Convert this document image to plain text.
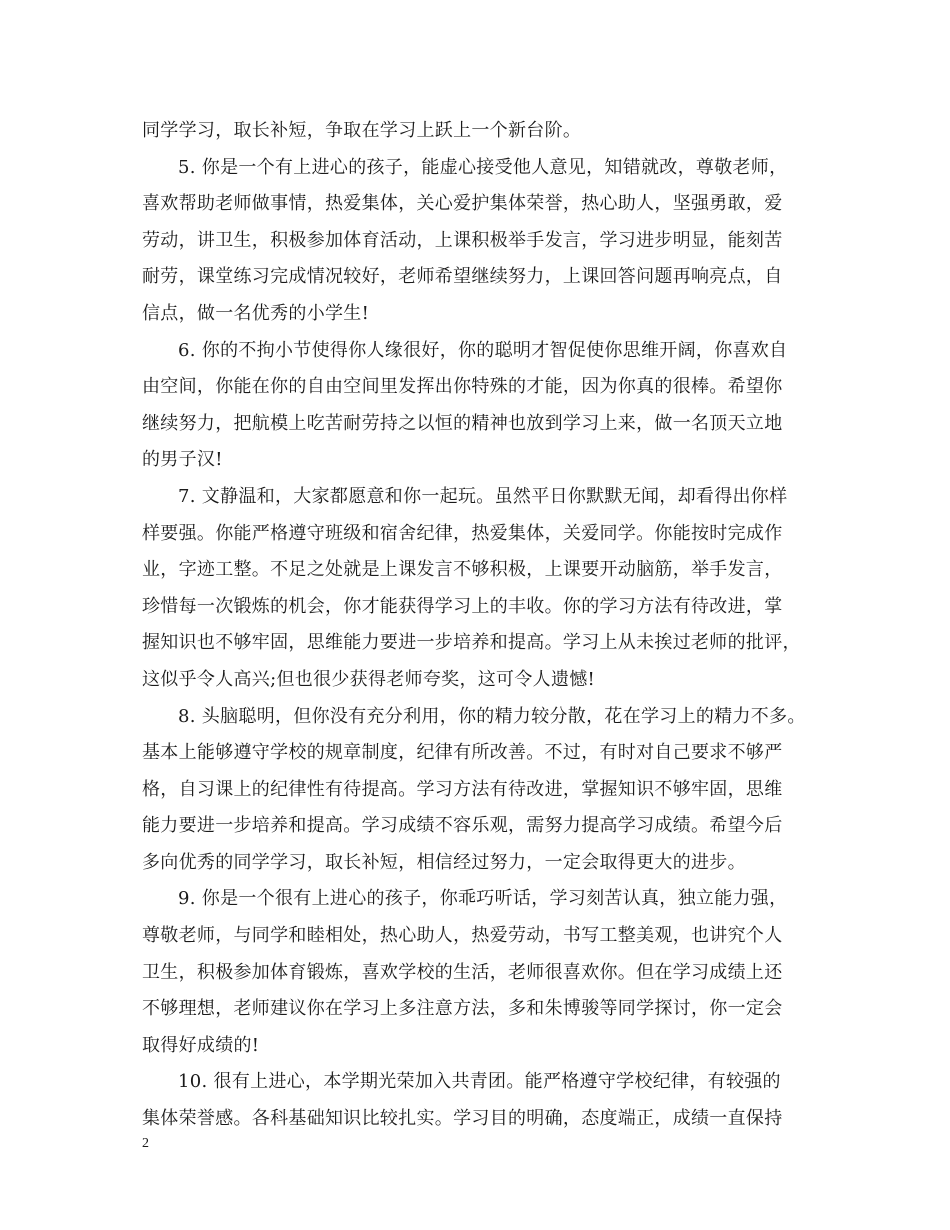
同学学习，取长补短，争取在学习上跃上一个新台阶。
5. 你是一个有上进心的孩子，能虚心接受他人意见，知错就改，尊敬老师，
喜欢帮助老师做事情，热爱集体，关心爱护集体荣誉，热心助人，坚强勇敢，爱
劳动，讲卫生，积极参加体育活动，上课积极举手发言，学习进步明显，能刻苦
耐劳，课堂练习完成情况较好，老师希望继续努力，上课回答问题再响亮点，自
信点，做一名优秀的小学生!
6. 你的不拘小节使得你人缘很好，你的聪明才智促使你思维开阔，你喜欢自
由空间，你能在你的自由空间里发挥出你特殊的才能，因为你真的很棒。希望你
继续努力，把航模上吃苦耐劳持之以恒的精神也放到学习上来，做一名顶天立地
的男子汉!
7. 文静温和，大家都愿意和你一起玩。虽然平日你默默无闻，却看得出你样
样要强。你能严格遵守班级和宿舍纪律，热爱集体，关爱同学。你能按时完成作
业，字迹工整。不足之处就是上课发言不够积极，上课要开动脑筋，举手发言，
珍惜每一次锻炼的机会，你才能获得学习上的丰收。你的学习方法有待改进，掌
握知识也不够牢固，思维能力要进一步培养和提高。学习上从未挨过老师的批评，
这似乎令人高兴;但也很少获得老师夸奖，这可令人遗憾!
8. 头脑聪明，但你没有充分利用，你的精力较分散，花在学习上的精力不多。
基本上能够遵守学校的规章制度，纪律有所改善。不过，有时对自己要求不够严
格，自习课上的纪律性有待提高。学习方法有待改进，掌握知识不够牢固，思维
能力要进一步培养和提高。学习成绩不容乐观，需努力提高学习成绩。希望今后
多向优秀的同学学习，取长补短，相信经过努力，一定会取得更大的进步。
9. 你是一个很有上进心的孩子，你乖巧听话，学习刻苦认真，独立能力强，
尊敬老师，与同学和睦相处，热心助人，热爱劳动，书写工整美观，也讲究个人
卫生，积极参加体育锻炼，喜欢学校的生活，老师很喜欢你。但在学习成绩上还
不够理想，老师建议你在学习上多注意方法，多和朱博骏等同学探讨，你一定会
取得好成绩的!
10. 很有上进心，本学期光荣加入共青团。能严格遵守学校纪律，有较强的
集体荣誉感。各科基础知识比较扎实。学习目的明确，态度端正，成绩一直保持
2
